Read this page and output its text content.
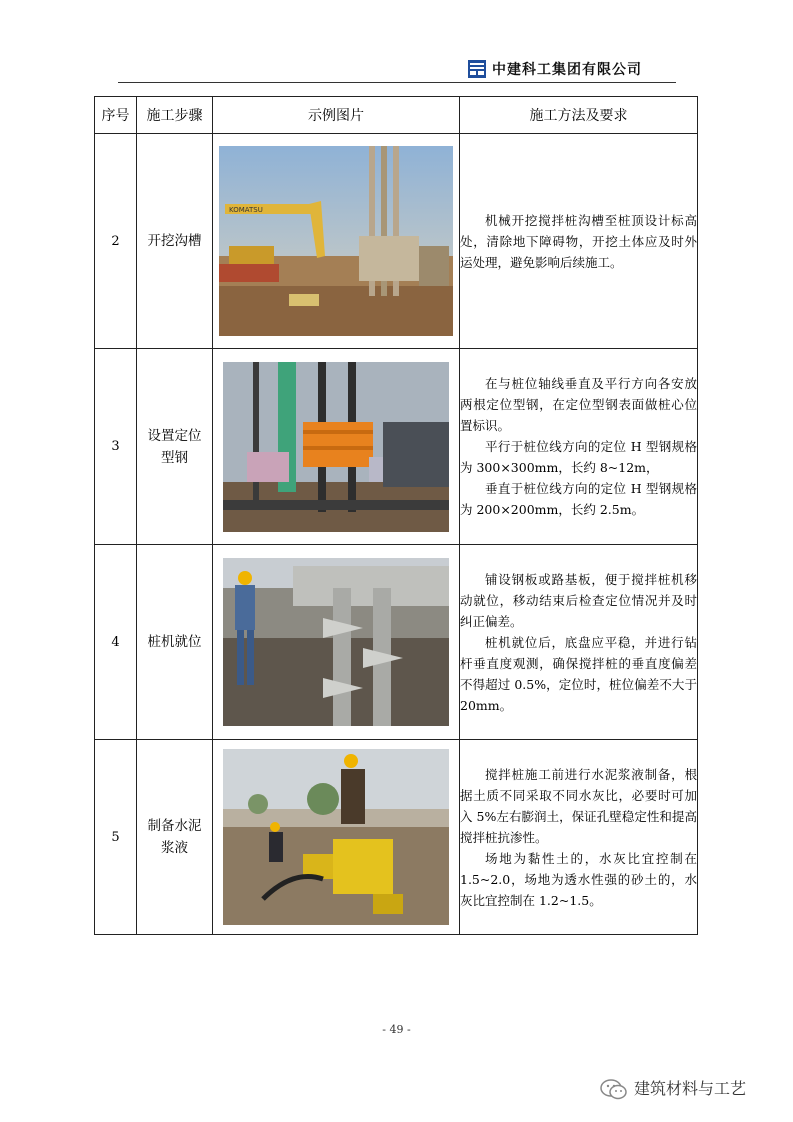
中建科工集团有限公司
序号	施工步骤	示例图片	施工方法及要求
2	开挖沟槽	KOMATSU	机械开挖搅拌桩沟槽至桩顶设计标高处，清除地下障碍物，开挖土体应及时外运处理，避免影响后续施工。

3	设置定位型钢		在与桩位轴线垂直及平行方向各安放两根定位型钢，在定位型钢表面做桩心位置标识。

平行于桩位线方向的定位 H 型钢规格为 300×300mm，长约 8~12m，

垂直于桩位线方向的定位 H 型钢规格为 200×200mm，长约 2.5m。

4	桩机就位		铺设钢板或路基板，便于搅拌桩机移动就位，移动结束后检查定位情况并及时纠正偏差。

桩机就位后，底盘应平稳，并进行钻杆垂直度观测，确保搅拌桩的垂直度偏差不得超过 0.5%，定位时，桩位偏差不大于 20mm。

5	制备水泥浆液		搅拌桩施工前进行水泥浆液制备，根据土质不同采取不同水灰比，必要时可加入 5%左右膨润土，保证孔壁稳定性和提高搅拌桩抗渗性。

场地为黏性土的，水灰比宜控制在 1.5~2.0，场地为透水性强的砂土的，水灰比宜控制在 1.2~1.5。

- 49 -
建筑材料与工艺
